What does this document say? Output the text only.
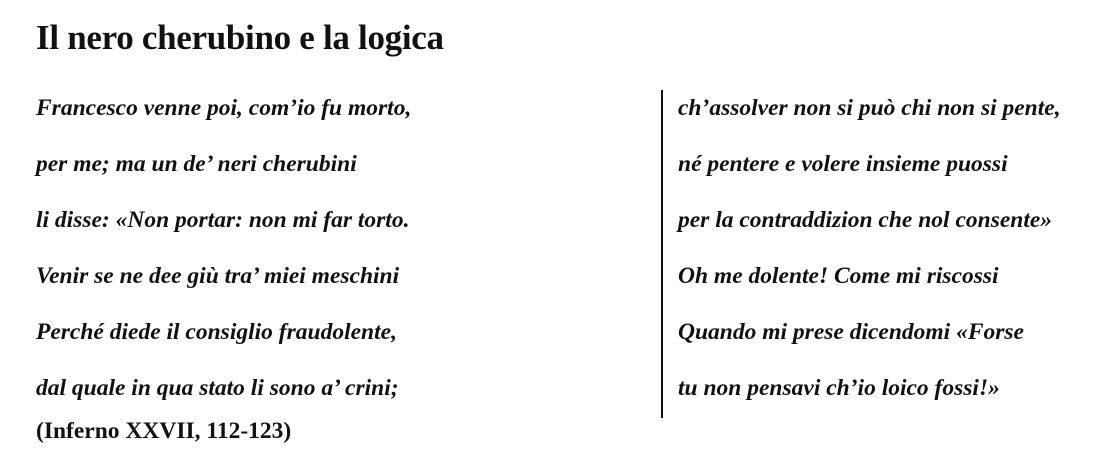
Il nero cherubino e la logica
Francesco venne poi, com’io fu morto,
per me; ma un de’ neri cherubini
li disse: «Non portar: non mi far torto.
Venir se ne dee giù tra’ miei meschini
Perché diede il consiglio fraudolente,
dal quale in qua stato li sono a’ crini;
ch’assolver non si può chi non si pente,
né pentere e volere insieme puossi
per la contraddizion che nol consente»
Oh me dolente! Come mi riscossi
Quando mi prese dicendomi «Forse
tu non pensavi ch’io loico fossi!»
(Inferno XXVII, 112-123)
